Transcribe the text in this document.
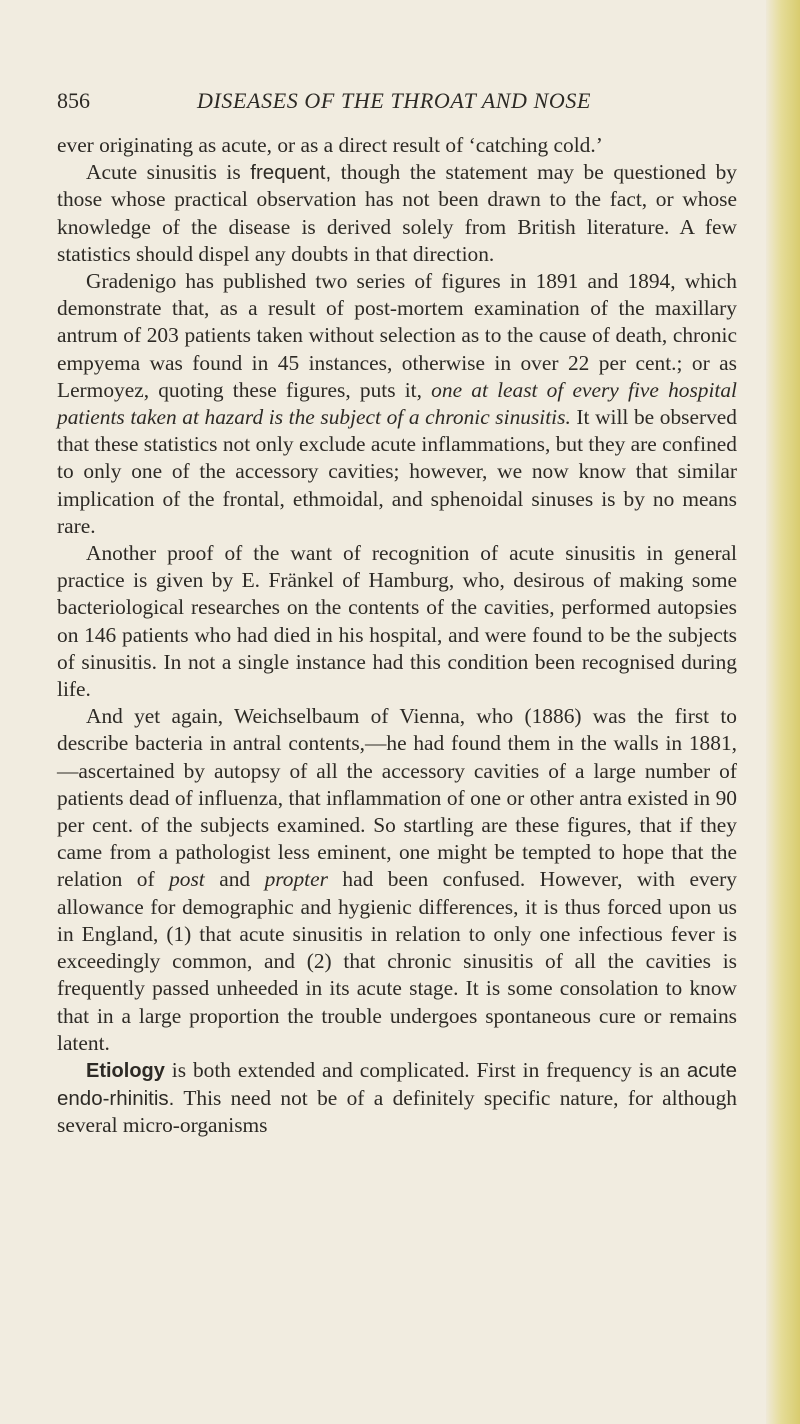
856	DISEASES OF THE THROAT AND NOSE

ever originating as acute, or as a direct result of ‘catching cold.’

Acute sinusitis is frequent, though the statement may be questioned by those whose practical observation has not been drawn to the fact, or whose knowledge of the disease is derived solely from British literature. A few statistics should dispel any doubts in that direction.

Gradenigo has published two series of figures in 1891 and 1894, which demonstrate that, as a result of post-mortem examination of the maxillary antrum of 203 patients taken without selection as to the cause of death, chronic empyema was found in 45 instances, otherwise in over 22 per cent.; or as Lermoyez, quoting these figures, puts it, one at least of every five hospital patients taken at hazard is the subject of a chronic sinusitis. It will be observed that these statistics not only exclude acute inflammations, but they are confined to only one of the accessory cavities; however, we now know that similar implication of the frontal, ethmoidal, and sphenoidal sinuses is by no means rare.

Another proof of the want of recognition of acute sinusitis in general practice is given by E. Fränkel of Hamburg, who, desirous of making some bacteriological researches on the contents of the cavities, performed autopsies on 146 patients who had died in his hospital, and were found to be the subjects of sinusitis. In not a single instance had this condition been recognised during life.

And yet again, Weichselbaum of Vienna, who (1886) was the first to describe bacteria in antral contents,—he had found them in the walls in 1881,—ascertained by autopsy of all the accessory cavities of a large number of patients dead of influenza, that inflammation of one or other antra existed in 90 per cent. of the subjects examined. So startling are these figures, that if they came from a pathologist less eminent, one might be tempted to hope that the relation of post and propter had been confused. However, with every allowance for demographic and hygienic differences, it is thus forced upon us in England, (1) that acute sinusitis in relation to only one infectious fever is exceedingly common, and (2) that chronic sinusitis of all the cavities is frequently passed unheeded in its acute stage. It is some consolation to know that in a large proportion the trouble undergoes spontaneous cure or remains latent.

Etiology is both extended and complicated. First in frequency is an acute endo-rhinitis. This need not be of a definitely specific nature, for although several micro-organisms
